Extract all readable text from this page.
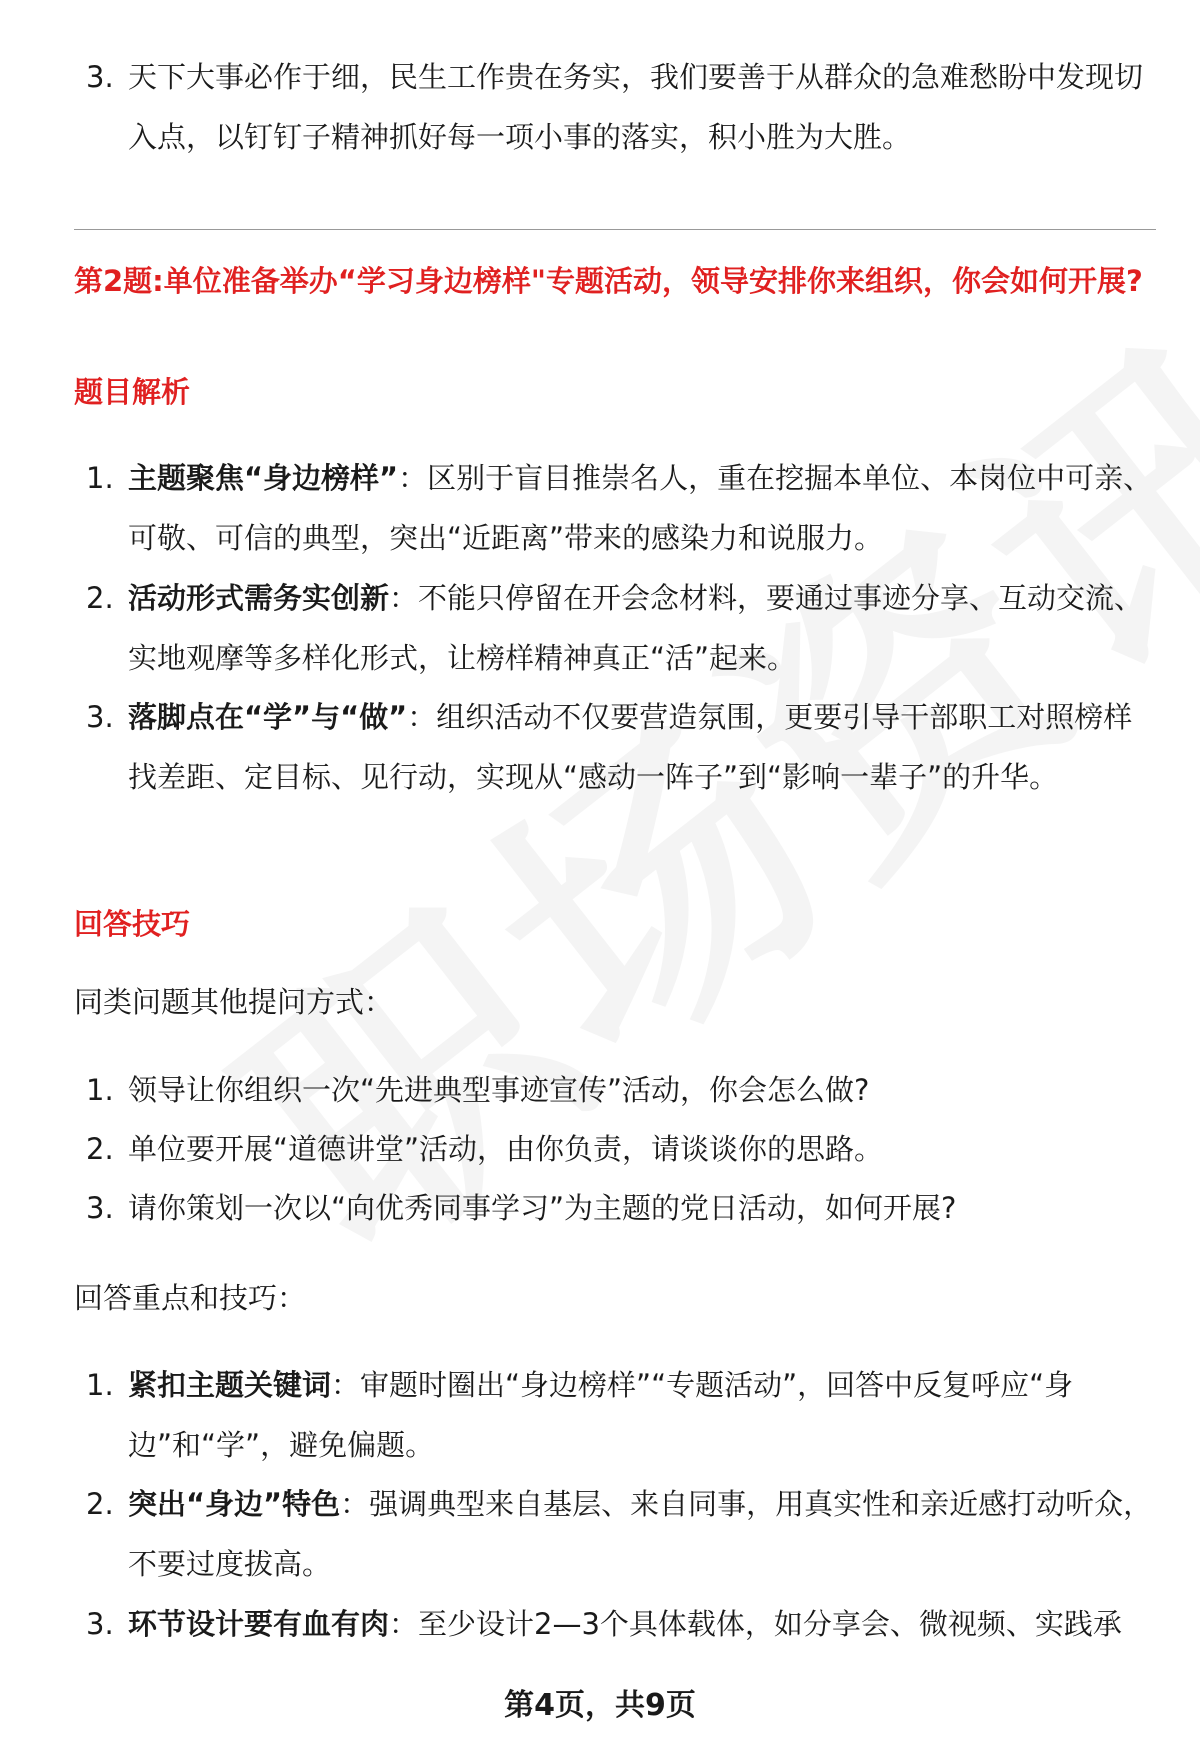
3. 天下大事必作于细，民生工作贵在务实，我们要善于从群众的急难愁盼中发现切入点，以钉钉子精神抓好每一项小事的落实，积小胜为大胜。
第2题:单位准备举办“学习身边榜样"专题活动，领导安排你来组织，你会如何开展?
题目解析
1. 主题聚焦“身边榜样”：区别于盲目推崇名人，重在挖掘本单位、本岗位中可亲、可敬、可信的典型，突出“近距离”带来的感染力和说服力。
2. 活动形式需务实创新：不能只停留在开会念材料，要通过事迹分享、互动交流、实地观摩等多样化形式，让榜样精神真正“活”起来。
3. 落脚点在“学”与“做”：组织活动不仅要营造氛围，更要引导干部职工对照榜样找差距、定目标、见行动，实现从“感动一阵子”到“影响一辈子”的升华。
回答技巧
同类问题其他提问方式：
1. 领导让你组织一次“先进典型事迹宣传”活动，你会怎么做?
2. 单位要开展“道德讲堂”活动，由你负责，请谈谈你的思路。
3. 请你策划一次以“向优秀同事学习”为主题的党日活动，如何开展?
回答重点和技巧：
1. 紧扣主题关键词：审题时圈出“身边榜样”“专题活动”，回答中反复呼应“身边”和“学”，避免偏题。
2. 突出“身边”特色：强调典型来自基层、来自同事，用真实性和亲近感打动听众，不要过度拔高。
3. 环节设计要有血有肉：至少设计2—3个具体载体，如分享会、微视频、实践承
第4页，共9页
